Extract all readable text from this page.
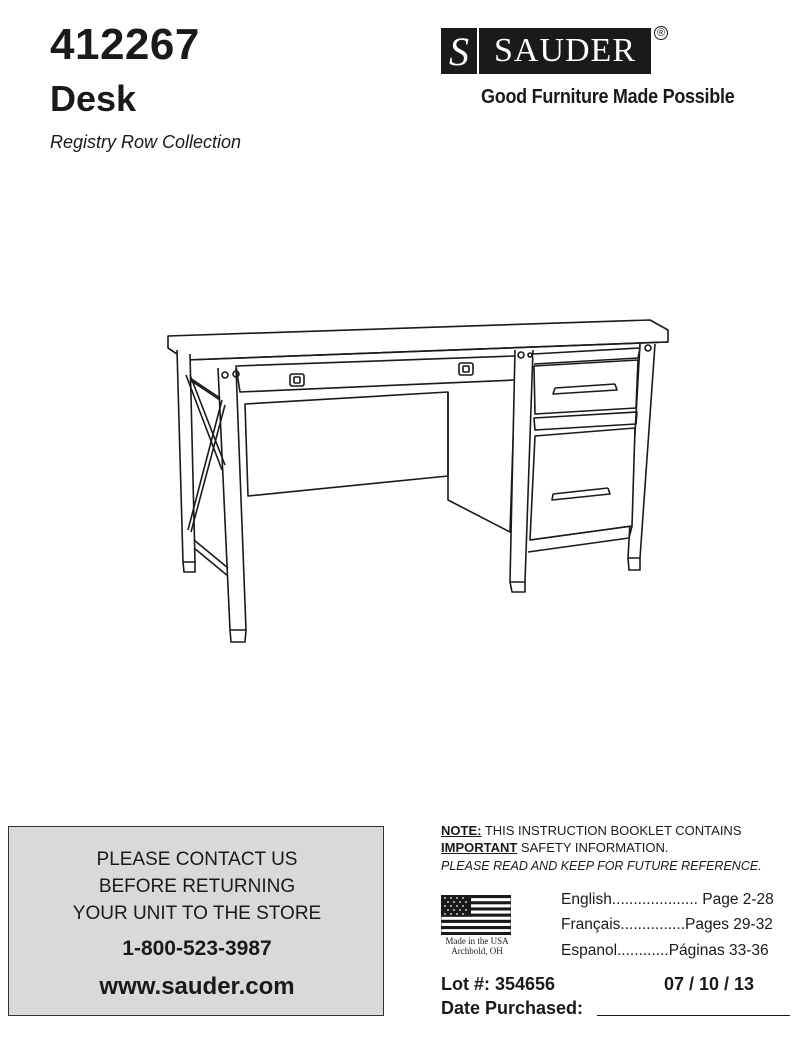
412267
Desk
Registry Row Collection
S SAUDER	®
Good Furniture Made Possible
PLEASE CONTACT US
BEFORE RETURNING
YOUR UNIT TO THE STORE
1-800-523-3987
www.sauder.com
NOTE: THIS INSTRUCTION BOOKLET CONTAINS
IMPORTANT SAFETY INFORMATION.
PLEASE READ AND KEEP FOR FUTURE REFERENCE.
Made in the USA
Archbold, OH
English.................... Page 2-28
Français...............Pages 29-32
Espanol............Páginas 33-36
Lot #: 354656	07 / 10 / 13
Date Purchased:
